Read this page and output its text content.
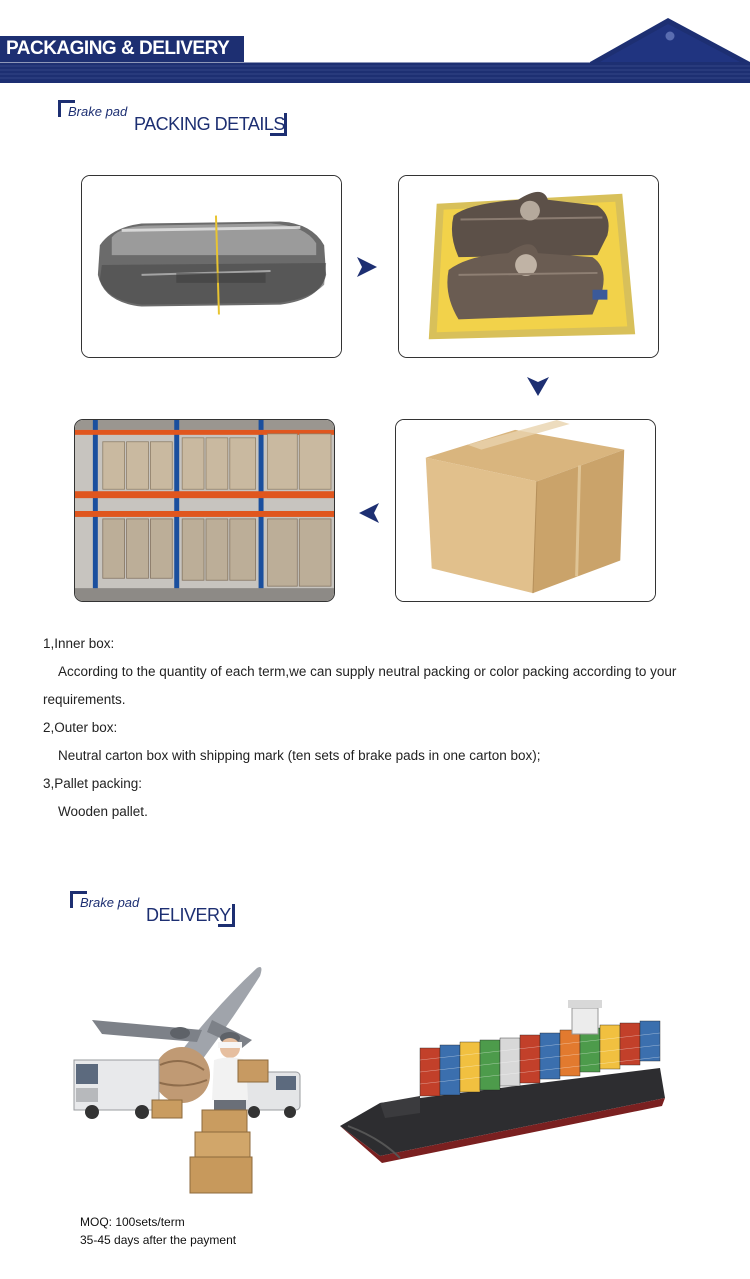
PACKAGING & DELIVERY
Brake pad
PACKING DETAILS
1,Inner box:
According to the quantity of each term,we can supply neutral packing or color packing according to your
requirements.
2,Outer box:
Neutral carton box with shipping mark (ten sets of brake pads in one carton box);
3,Pallet packing:
Wooden pallet.
Brake pad
DELIVERY
MOQ: 100sets/term
35-45 days after the payment
